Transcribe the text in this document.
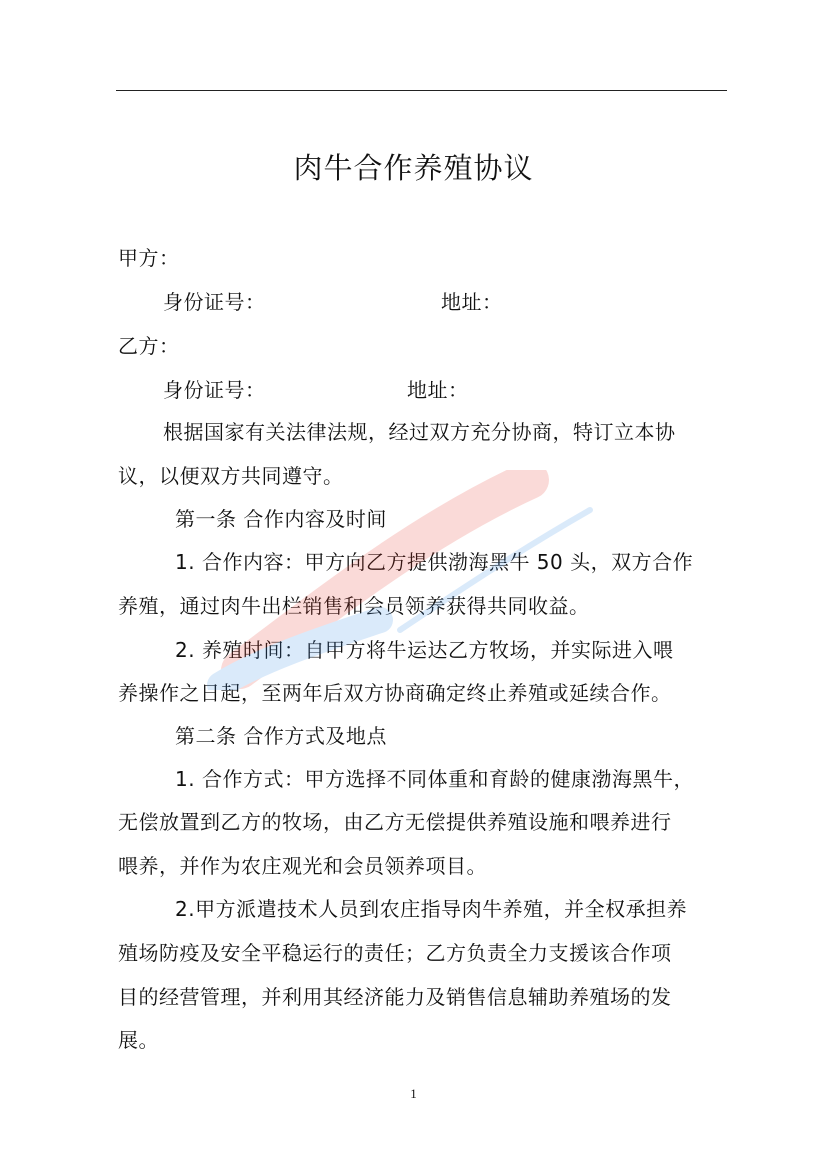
肉牛合作养殖协议
甲方：
身份证号：	地址：
乙方：
身份证号：	地址：
根据国家有关法律法规，经过双方充分协商，特订立本协
议，以便双方共同遵守。
第一条 合作内容及时间
1. 合作内容：甲方向乙方提供渤海黑牛 50 头，双方合作
养殖，通过肉牛出栏销售和会员领养获得共同收益。
2. 养殖时间：自甲方将牛运达乙方牧场，并实际进入喂
养操作之日起，至两年后双方协商确定终止养殖或延续合作。
第二条 合作方式及地点
1. 合作方式：甲方选择不同体重和育龄的健康渤海黑牛，
无偿放置到乙方的牧场，由乙方无偿提供养殖设施和喂养进行
喂养，并作为农庄观光和会员领养项目。
2.甲方派遣技术人员到农庄指导肉牛养殖，并全权承担养
殖场防疫及安全平稳运行的责任；乙方负责全力支援该合作项
目的经营管理，并利用其经济能力及销售信息辅助养殖场的发
展。
1
